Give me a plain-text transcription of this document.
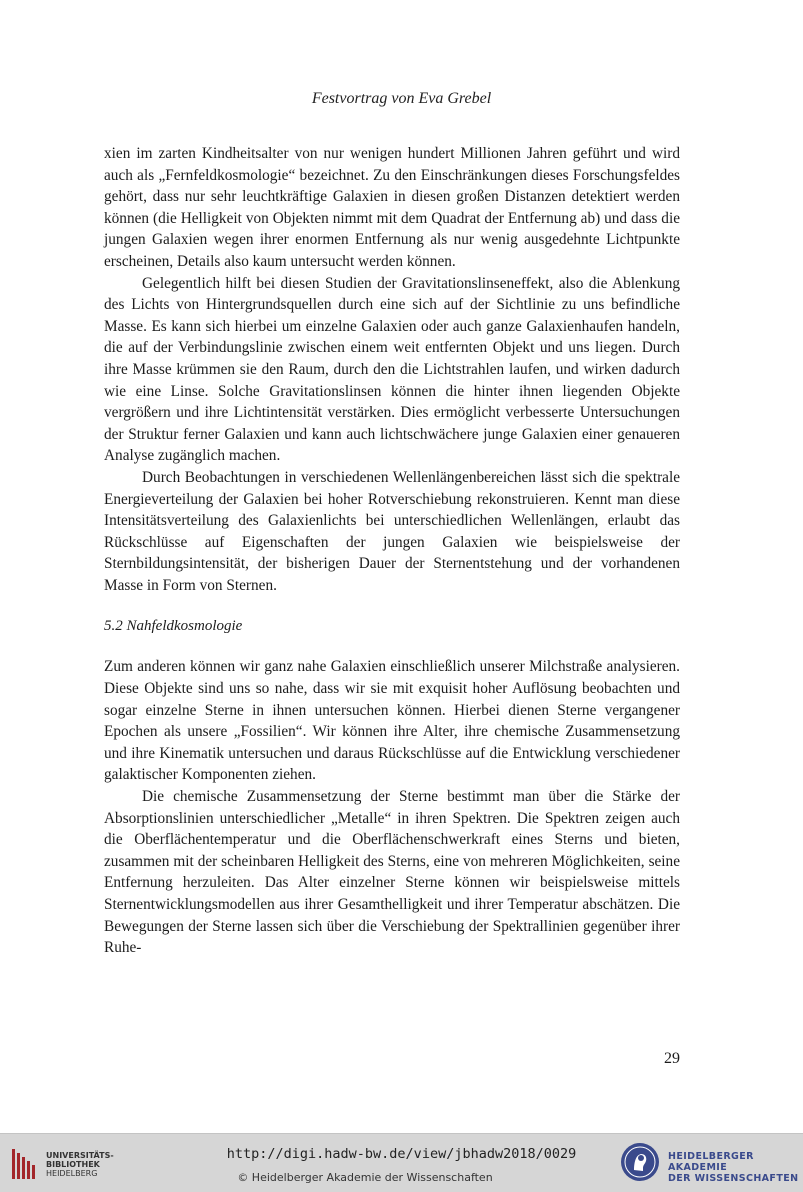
Festvortrag von Eva Grebel

xien im zarten Kindheitsalter von nur wenigen hundert Millionen Jahren geführt und wird auch als „Fernfeldkosmologie“ bezeichnet. Zu den Einschränkungen dieses Forschungsfeldes gehört, dass nur sehr leuchtkräftige Galaxien in diesen großen Distanzen detektiert werden können (die Helligkeit von Objekten nimmt mit dem Quadrat der Entfernung ab) und dass die jungen Galaxien wegen ihrer enormen Entfernung als nur wenig ausgedehnte Lichtpunkte erscheinen, Details also kaum untersucht werden können.

Gelegentlich hilft bei diesen Studien der Gravitationslinseneffekt, also die Ablenkung des Lichts von Hintergrundsquellen durch eine sich auf der Sichtlinie zu uns befindliche Masse. Es kann sich hierbei um einzelne Galaxien oder auch ganze Galaxienhaufen handeln, die auf der Verbindungslinie zwischen einem weit entfernten Objekt und uns liegen. Durch ihre Masse krümmen sie den Raum, durch den die Lichtstrahlen laufen, und wirken dadurch wie eine Linse. Solche Gravitationslinsen können die hinter ihnen liegenden Objekte vergrößern und ihre Lichtintensität verstärken. Dies ermöglicht verbesserte Untersuchungen der Struktur ferner Galaxien und kann auch lichtschwächere junge Galaxien einer genaueren Analyse zugänglich machen.

Durch Beobachtungen in verschiedenen Wellenlängenbereichen lässt sich die spektrale Energieverteilung der Galaxien bei hoher Rotverschiebung rekonstruieren. Kennt man diese Intensitätsverteilung des Galaxienlichts bei unterschiedlichen Wellenlängen, erlaubt das Rückschlüsse auf Eigenschaften der jungen Galaxien wie beispielsweise der Sternbildungsintensität, der bisherigen Dauer der Sternentstehung und der vorhandenen Masse in Form von Sternen.

5.2 Nahfeldkosmologie

Zum anderen können wir ganz nahe Galaxien einschließlich unserer Milchstraße analysieren. Diese Objekte sind uns so nahe, dass wir sie mit exquisit hoher Auflösung beobachten und sogar einzelne Sterne in ihnen untersuchen können. Hierbei dienen Sterne vergangener Epochen als unsere „Fossilien“. Wir können ihre Alter, ihre chemische Zusammensetzung und ihre Kinematik untersuchen und daraus Rückschlüsse auf die Entwicklung verschiedener galaktischer Komponenten ziehen.

Die chemische Zusammensetzung der Sterne bestimmt man über die Stärke der Absorptionslinien unterschiedlicher „Metalle“ in ihren Spektren. Die Spektren zeigen auch die Oberflächentemperatur und die Oberflächenschwerkraft eines Sterns und bieten, zusammen mit der scheinbaren Helligkeit des Sterns, eine von mehreren Möglichkeiten, seine Entfernung herzuleiten. Das Alter einzelner Sterne können wir beispielsweise mittels Sternentwicklungsmodellen aus ihrer Gesamthelligkeit und ihrer Temperatur abschätzen. Die Bewegungen der Sterne lassen sich über die Verschiebung der Spektrallinien gegenüber ihrer Ruhe-

29
UNIVERSITÄTS-
BIBLIOTHEK
HEIDELBERG
http://digi.hadw-bw.de/view/jbhadw2018/0029
© Heidelberger Akademie der Wissenschaften
HEIDELBERGER AKADEMIE
DER WISSENSCHAFTEN
